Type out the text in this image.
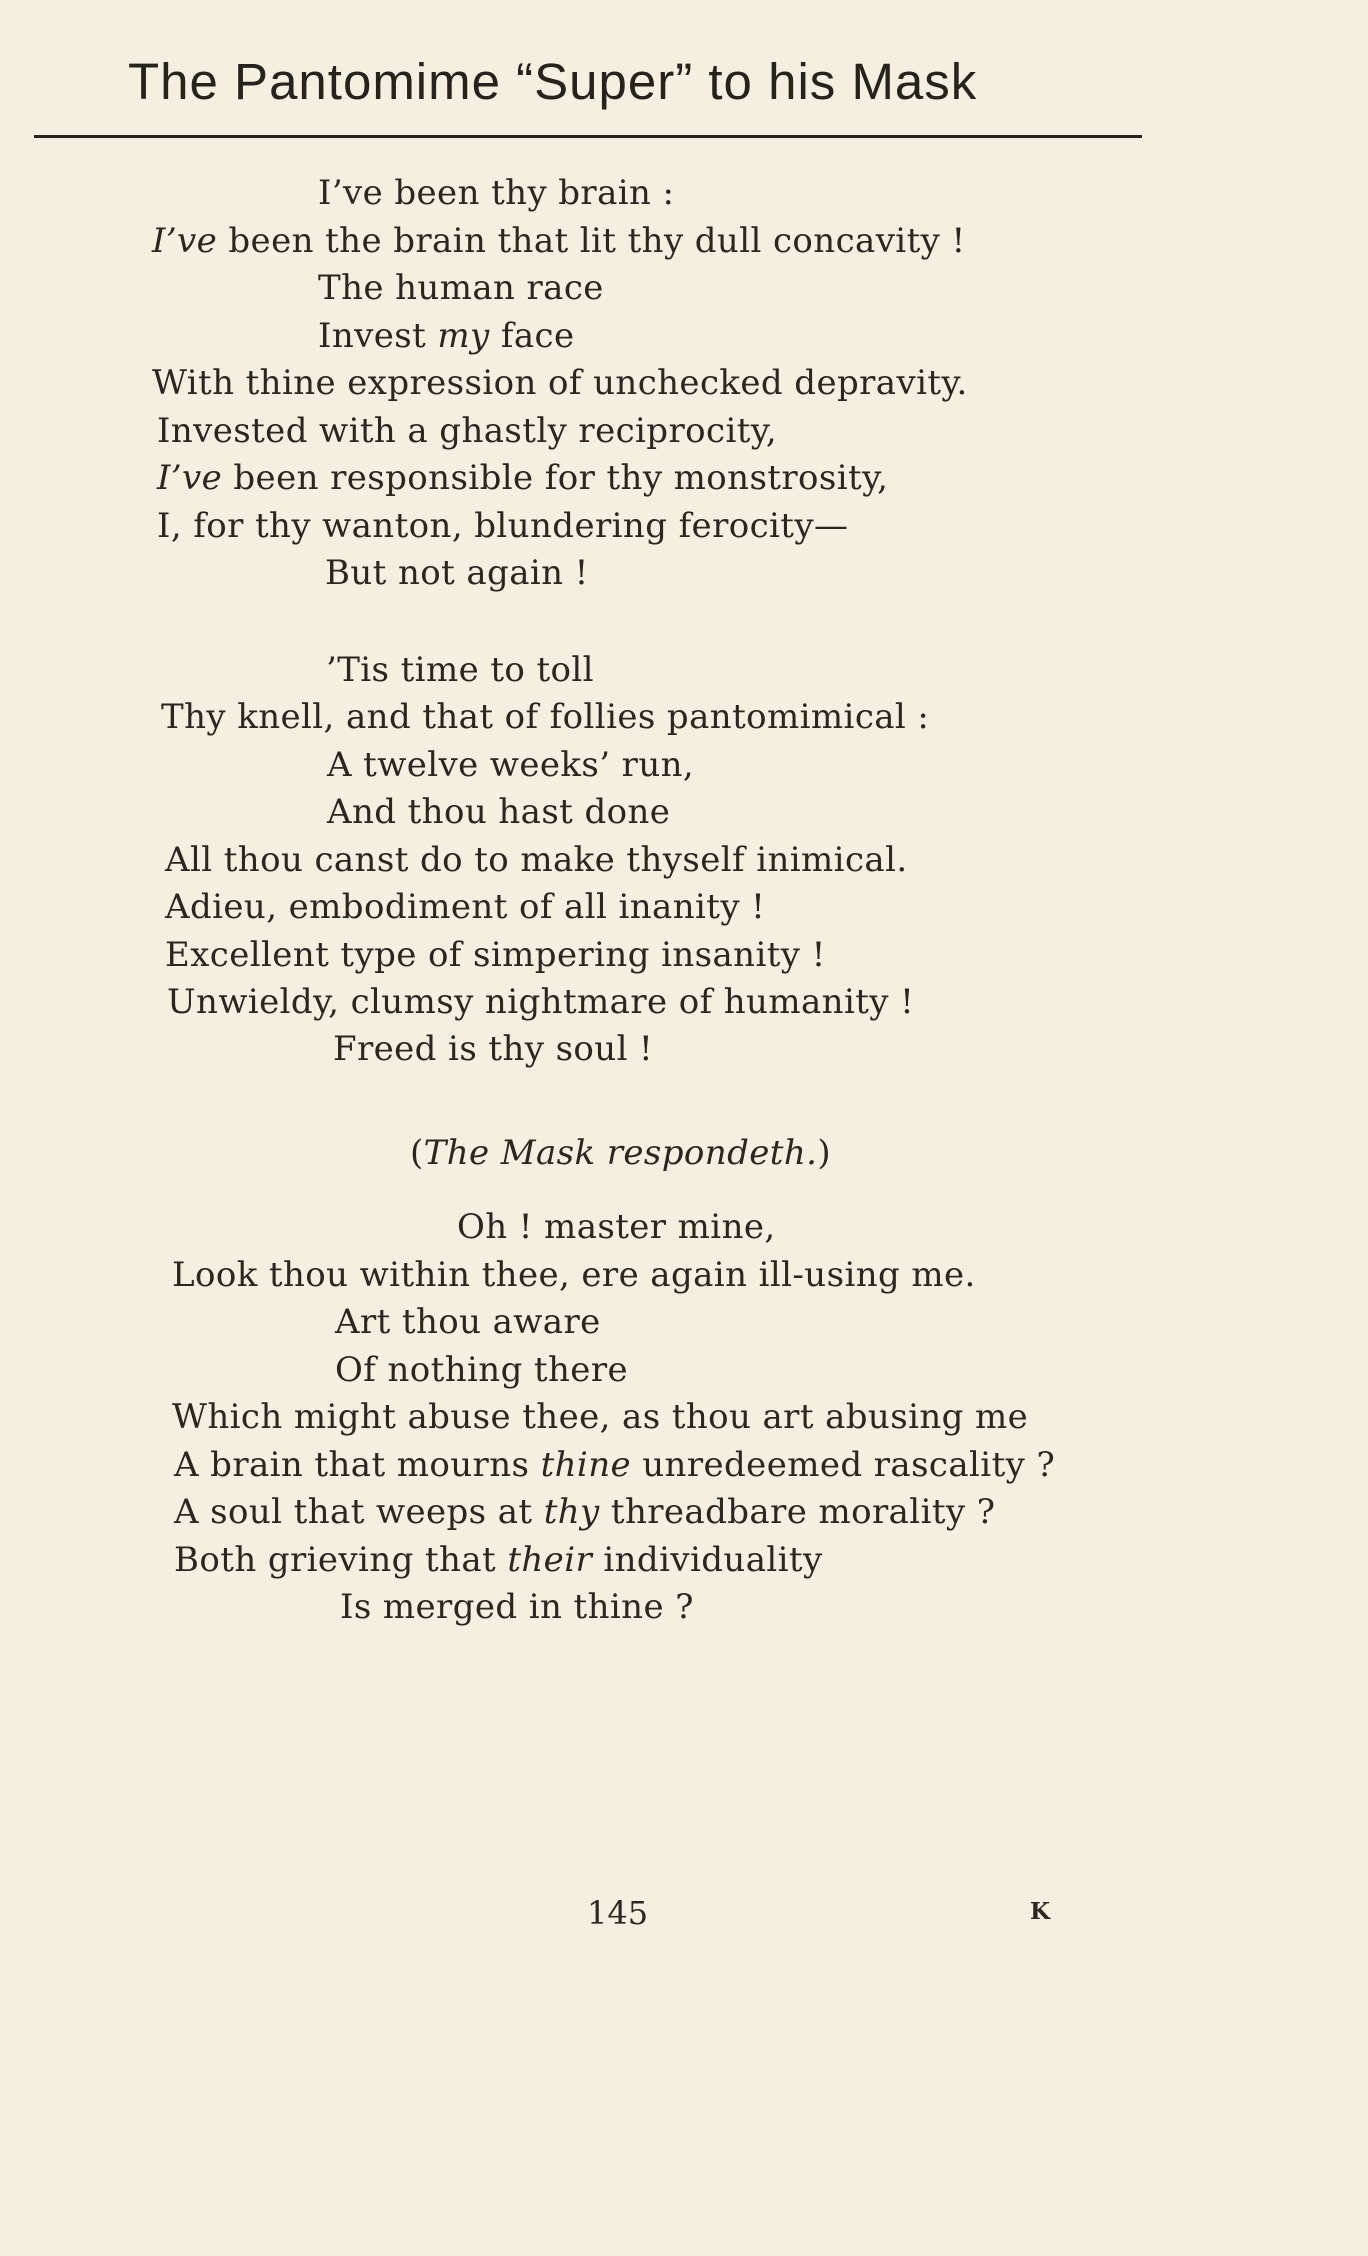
The Pantomime “Super” to his Mask
I’ve been thy brain :
I’ve been the brain that lit thy dull concavity !
The human race
Invest my face
With thine expression of unchecked depravity.
Invested with a ghastly reciprocity,
I’ve been responsible for thy monstrosity,
I, for thy wanton, blundering ferocity—
But not again !
’Tis time to toll
Thy knell, and that of follies pantomimical :
A twelve weeks’ run,
And thou hast done
All thou canst do to make thyself inimical.
Adieu, embodiment of all inanity !
Excellent type of simpering insanity !
Unwieldy, clumsy nightmare of humanity !
Freed is thy soul !
(The Mask respondeth.)
Oh ! master mine,
Look thou within thee, ere again ill-using me.
Art thou aware
Of nothing there
Which might abuse thee, as thou art abusing me
A brain that mourns thine unredeemed rascality ?
A soul that weeps at thy threadbare morality ?
Both grieving that their individuality
Is merged in thine ?
145	K
